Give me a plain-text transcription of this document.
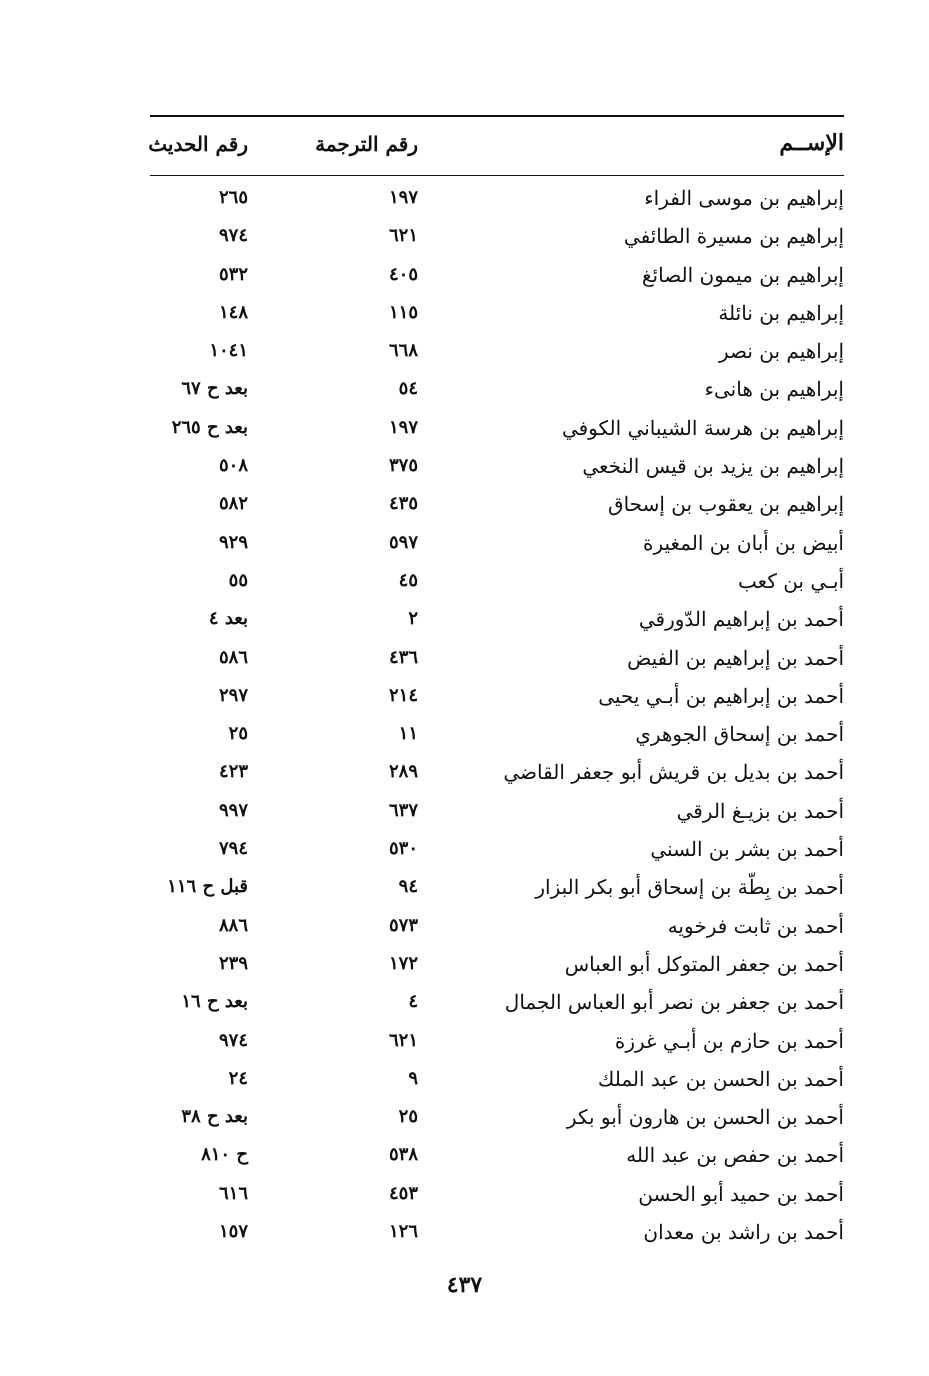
الإســم
رقم الترجمة
رقم الحديث
إبراهيم بن موسى الفراء
١٩٧
٢٦٥
إبراهيم بن مسيرة الطائفي
٦٢١
٩٧٤
إبراهيم بن ميمون الصائغ
٤٠٥
٥٣٢
إبراهيم بن نائلة
١١٥
١٤٨
إبراهيم بن نصر
٦٦٨
١٠٤١
إبراهيم بن هانىء
٥٤
بعد ح ٦٧
إبراهيم بن هرسة الشيباني الكوفي
١٩٧
بعد ح ٢٦٥
إبراهيم بن يزيد بن قيس النخعي
٣٧٥
٥٠٨
إبراهيم بن يعقوب بن إسحاق
٤٣٥
٥٨٢
أبيض بن أبان بن المغيرة
٥٩٧
٩٢٩
أبـي بن كعب
٤٥
٥٥
أحمد بن إبراهيم الدّورقي
٢
بعد ٤
أحمد بن إبراهيم بن الفيض
٤٣٦
٥٨٦
أحمد بن إبراهيم بن أبـي يحيى
٢١٤
٢٩٧
أحمد بن إسحاق الجوهري
١١
٢٥
أحمد بن بديل بن قريش أبو جعفر القاضي
٢٨٩
٤٢٣
أحمد بن بزيـغ الرقي
٦٣٧
٩٩٧
أحمد بن بشر بن السني
٥٣٠
٧٩٤
أحمد بن بِطّة بن إسحاق أبو بكر البزار
٩٤
قبل ح ١١٦
أحمد بن ثابت فرخويه
٥٧٣
٨٨٦
أحمد بن جعفر المتوكل أبو العباس
١٧٢
٢٣٩
أحمد بن جعفر بن نصر أبو العباس الجمال
٤
بعد ح ١٦
أحمد بن حازم بن أبـي غرزة
٦٢١
٩٧٤
أحمد بن الحسن بن عبد الملك
٩
٢٤
أحمد بن الحسن بن هارون أبو بكر
٢٥
بعد ح ٣٨
أحمد بن حفص بن عبد الله
٥٣٨
ح ٨١٠
أحمد بن حميد أبو الحسن
٤٥٣
٦١٦
أحمد بن راشد بن معدان
١٢٦
١٥٧
٤٣٧
